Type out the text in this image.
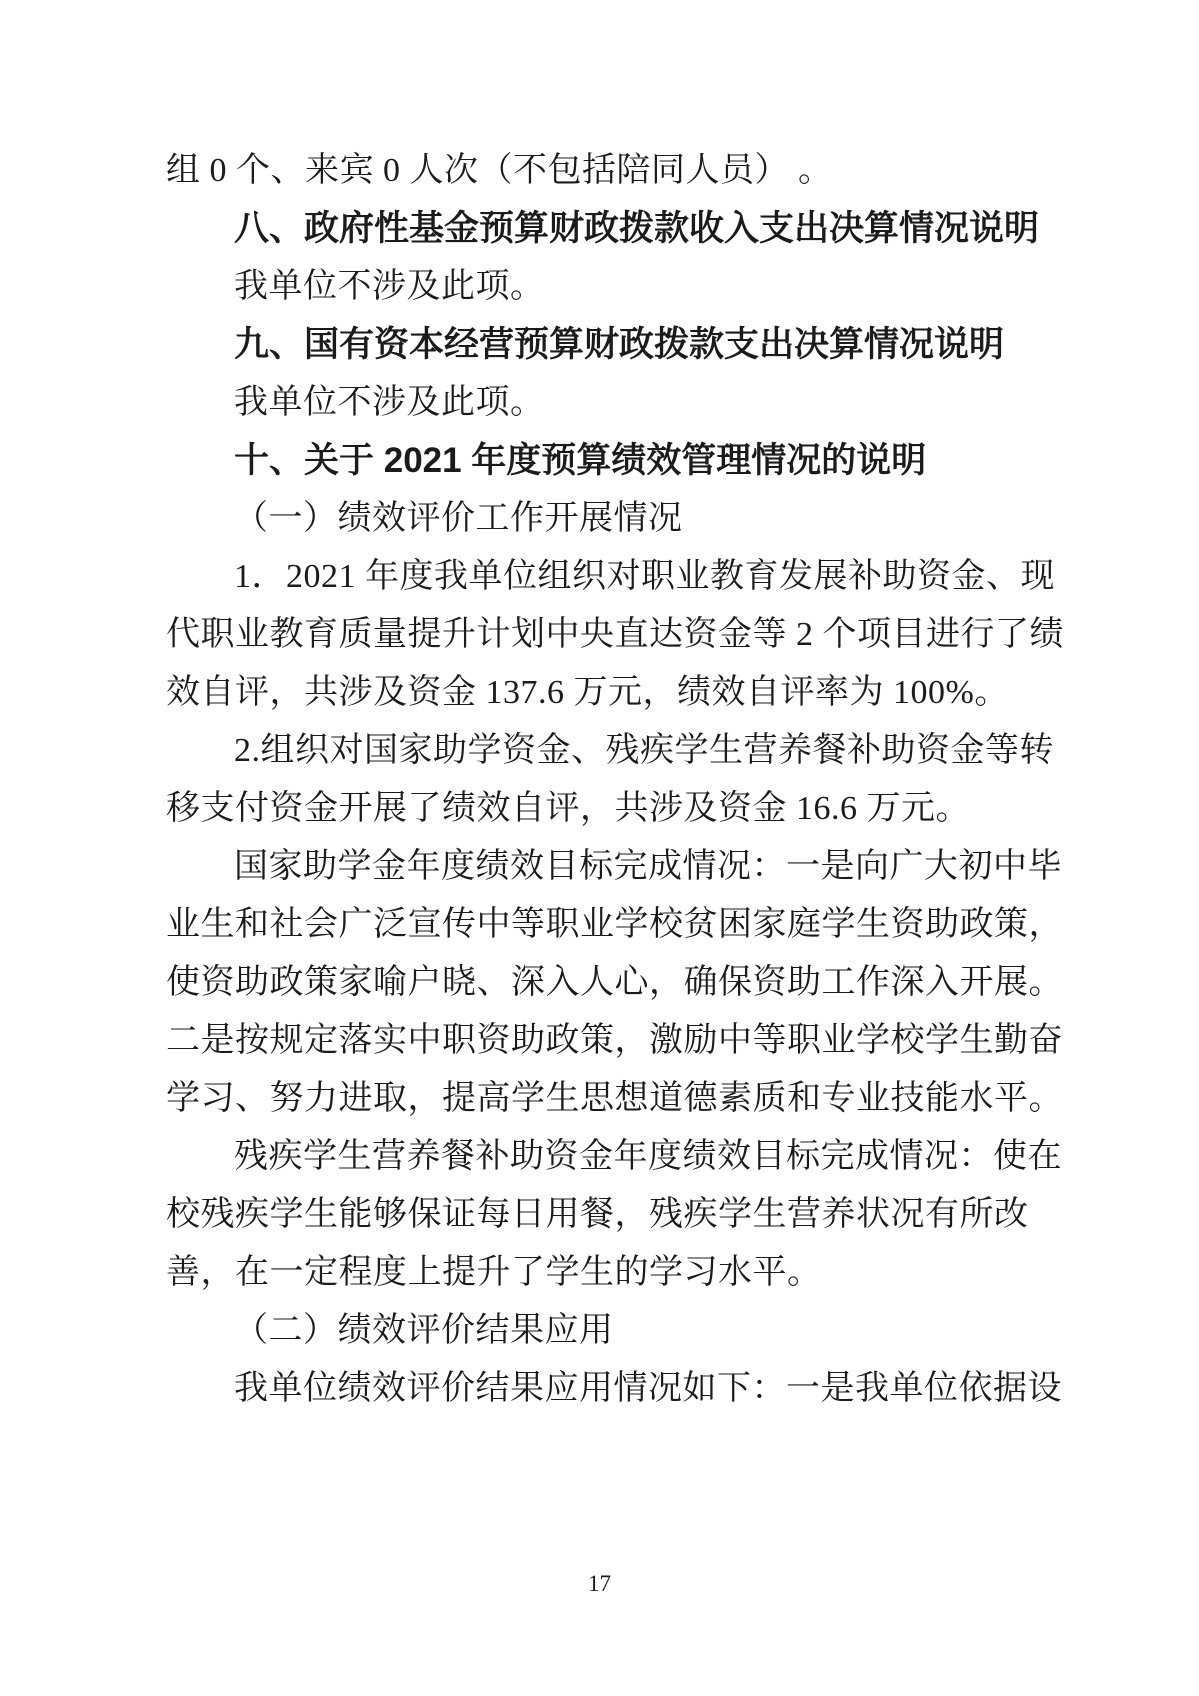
组 0 个、来宾 0 人次（不包括陪同人员） 。
八、政府性基金预算财政拨款收入支出决算情况说明
我单位不涉及此项。
九、国有资本经营预算财政拨款支出决算情况说明
我单位不涉及此项。
十、关于 2021 年度预算绩效管理情况的说明
（一）绩效评价工作开展情况
1．2021 年度我单位组织对职业教育发展补助资金、现
代职业教育质量提升计划中央直达资金等 2 个项目进行了绩
效自评，共涉及资金 137.6 万元，绩效自评率为 100%。
2.组织对国家助学资金、残疾学生营养餐补助资金等转
移支付资金开展了绩效自评，共涉及资金 16.6 万元。
国家助学金年度绩效目标完成情况：一是向广大初中毕
业生和社会广泛宣传中等职业学校贫困家庭学生资助政策，
使资助政策家喻户晓、深入人心，确保资助工作深入开展。
二是按规定落实中职资助政策，激励中等职业学校学生勤奋
学习、努力进取，提高学生思想道德素质和专业技能水平。
残疾学生营养餐补助资金年度绩效目标完成情况：使在
校残疾学生能够保证每日用餐，残疾学生营养状况有所改
善，在一定程度上提升了学生的学习水平。
（二）绩效评价结果应用
我单位绩效评价结果应用情况如下：一是我单位依据设
17
